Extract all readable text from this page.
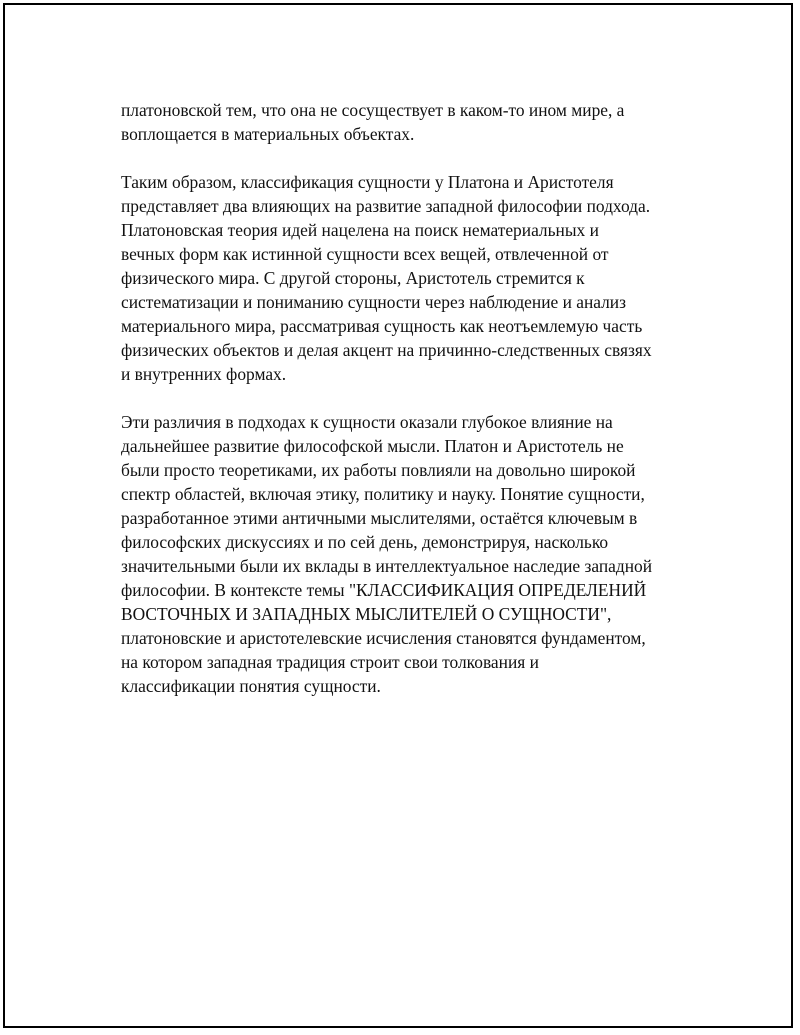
платоновской тем, что она не сосуществует в каком-то ином мире, а
воплощается в материальных объектах.

Таким образом, классификация сущности у Платона и Аристотеля
представляет два влияющих на развитие западной философии подхода.
Платоновская теория идей нацелена на поиск нематериальных и
вечных форм как истинной сущности всех вещей, отвлеченной от
физического мира. С другой стороны, Аристотель стремится к
систематизации и пониманию сущности через наблюдение и анализ
материального мира, рассматривая сущность как неотъемлемую часть
физических объектов и делая акцент на причинно-следственных связях
и внутренних формах.

Эти различия в подходах к сущности оказали глубокое влияние на
дальнейшее развитие философской мысли. Платон и Аристотель не
были просто теоретиками, их работы повлияли на довольно широкой
спектр областей, включая этику, политику и науку. Понятие сущности,
разработанное этими античными мыслителями, остаётся ключевым в
философских дискуссиях и по сей день, демонстрируя, насколько
значительными были их вклады в интеллектуальное наследие западной
философии. В контексте темы "КЛАССИФИКАЦИЯ ОПРЕДЕЛЕНИЙ
ВОСТОЧНЫХ И ЗАПАДНЫХ МЫСЛИТЕЛЕЙ О СУЩНОСТИ",
платоновские и аристотелевские исчисления становятся фундаментом,
на котором западная традиция строит свои толкования и
классификации понятия сущности.
